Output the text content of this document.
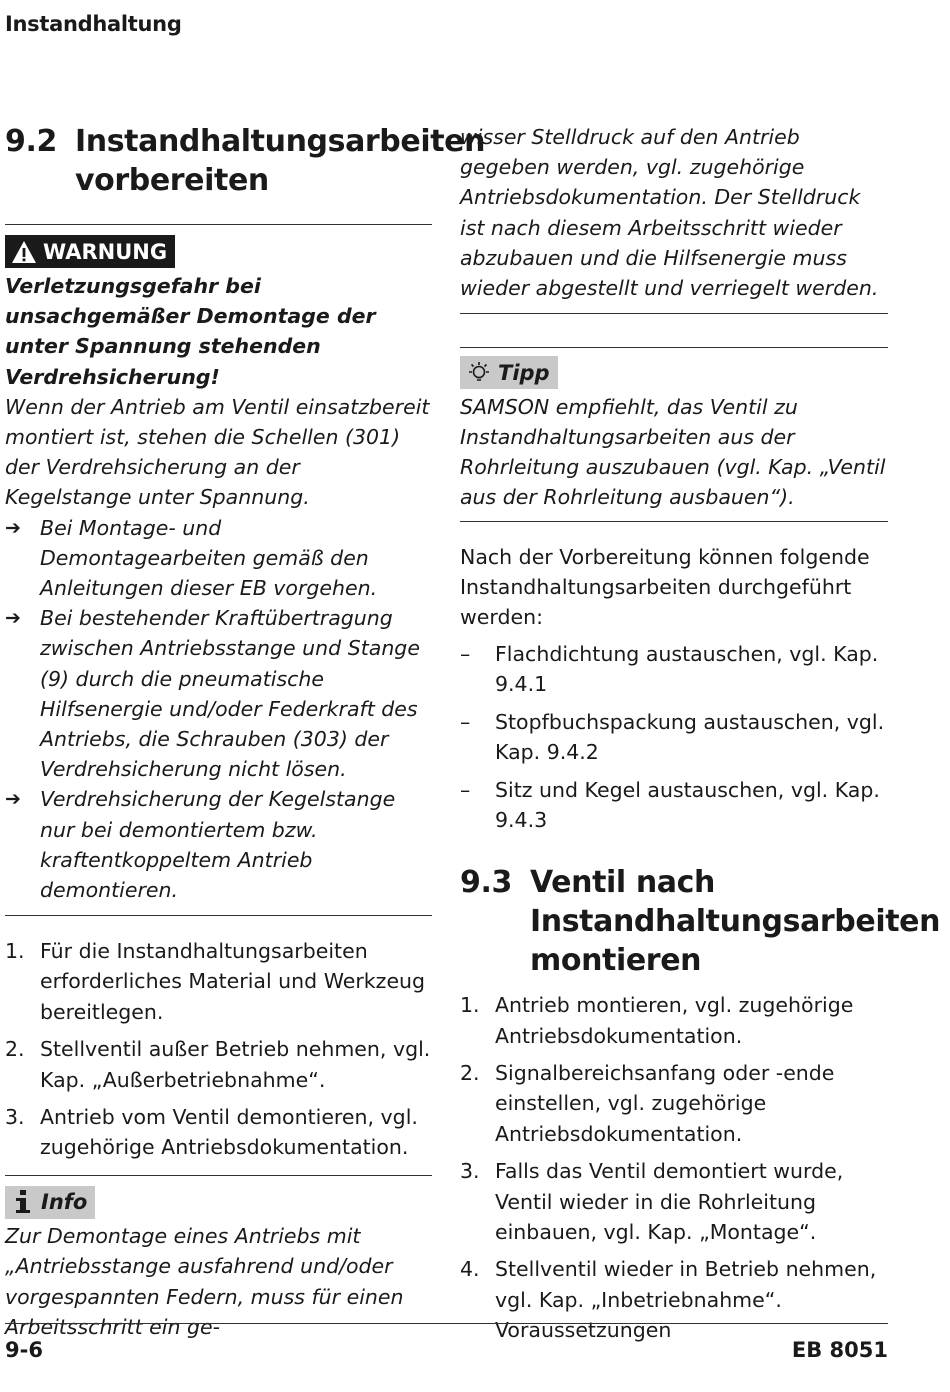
Instandhaltung
9.2 Instandhaltungsarbeiten vorbereiten
WARNUNG
Verletzungsgefahr bei unsachgemäßer Demontage der unter Spannung stehenden Verdrehsicherung!
Wenn der Antrieb am Ventil einsatzbereit montiert ist, stehen die Schellen (301) der Verdrehsicherung an der Kegelstange unter Spannung.
➔ Bei Montage- und Demontagearbeiten gemäß den Anleitungen dieser EB vorgehen.
➔ Bei bestehender Kraftübertragung zwischen Antriebsstange und Stange (9) durch die pneumatische Hilfsenergie und/oder Federkraft des Antriebs, die Schrauben (303) der Verdrehsicherung nicht lösen.
➔ Verdrehsicherung der Kegelstange nur bei demontiertem bzw. kraftentkoppeltem Antrieb demontieren.
1. Für die Instandhaltungsarbeiten erforderliches Material und Werkzeug bereitlegen.
2. Stellventil außer Betrieb nehmen, vgl. Kap. „Außerbetriebnahme“.
3. Antrieb vom Ventil demontieren, vgl. zugehörige Antriebsdokumentation.
Info
Zur Demontage eines Antriebs mit „Antriebsstange ausfahrend und/oder vorgespannten Federn, muss für einen Arbeitsschritt ein ge-
wisser Stelldruck auf den Antrieb gegeben werden, vgl. zugehörige Antriebsdokumentation. Der Stelldruck ist nach diesem Arbeitsschritt wieder abzubauen und die Hilfsenergie muss wieder abgestellt und verriegelt werden.
Tipp
SAMSON empfiehlt, das Ventil zu Instandhaltungsarbeiten aus der Rohrleitung auszubauen (vgl. Kap. „Ventil aus der Rohrleitung ausbauen“).
Nach der Vorbereitung können folgende Instandhaltungsarbeiten durchgeführt werden:
–	Flachdichtung austauschen, vgl. Kap. 9.4.1
–	Stopfbuchspackung austauschen, vgl. Kap. 9.4.2
–	Sitz und Kegel austauschen, vgl. Kap. 9.4.3
9.3 Ventil nach Instandhaltungsarbeiten montieren
1. Antrieb montieren, vgl. zugehörige Antriebsdokumentation.
2. Signalbereichsanfang oder -ende einstellen, vgl. zugehörige Antriebsdokumentation.
3. Falls das Ventil demontiert wurde, Ventil wieder in die Rohrleitung einbauen, vgl. Kap. „Montage“.
4. Stellventil wieder in Betrieb nehmen, vgl. Kap. „Inbetriebnahme“. Voraussetzungen
9-6	EB 8051
